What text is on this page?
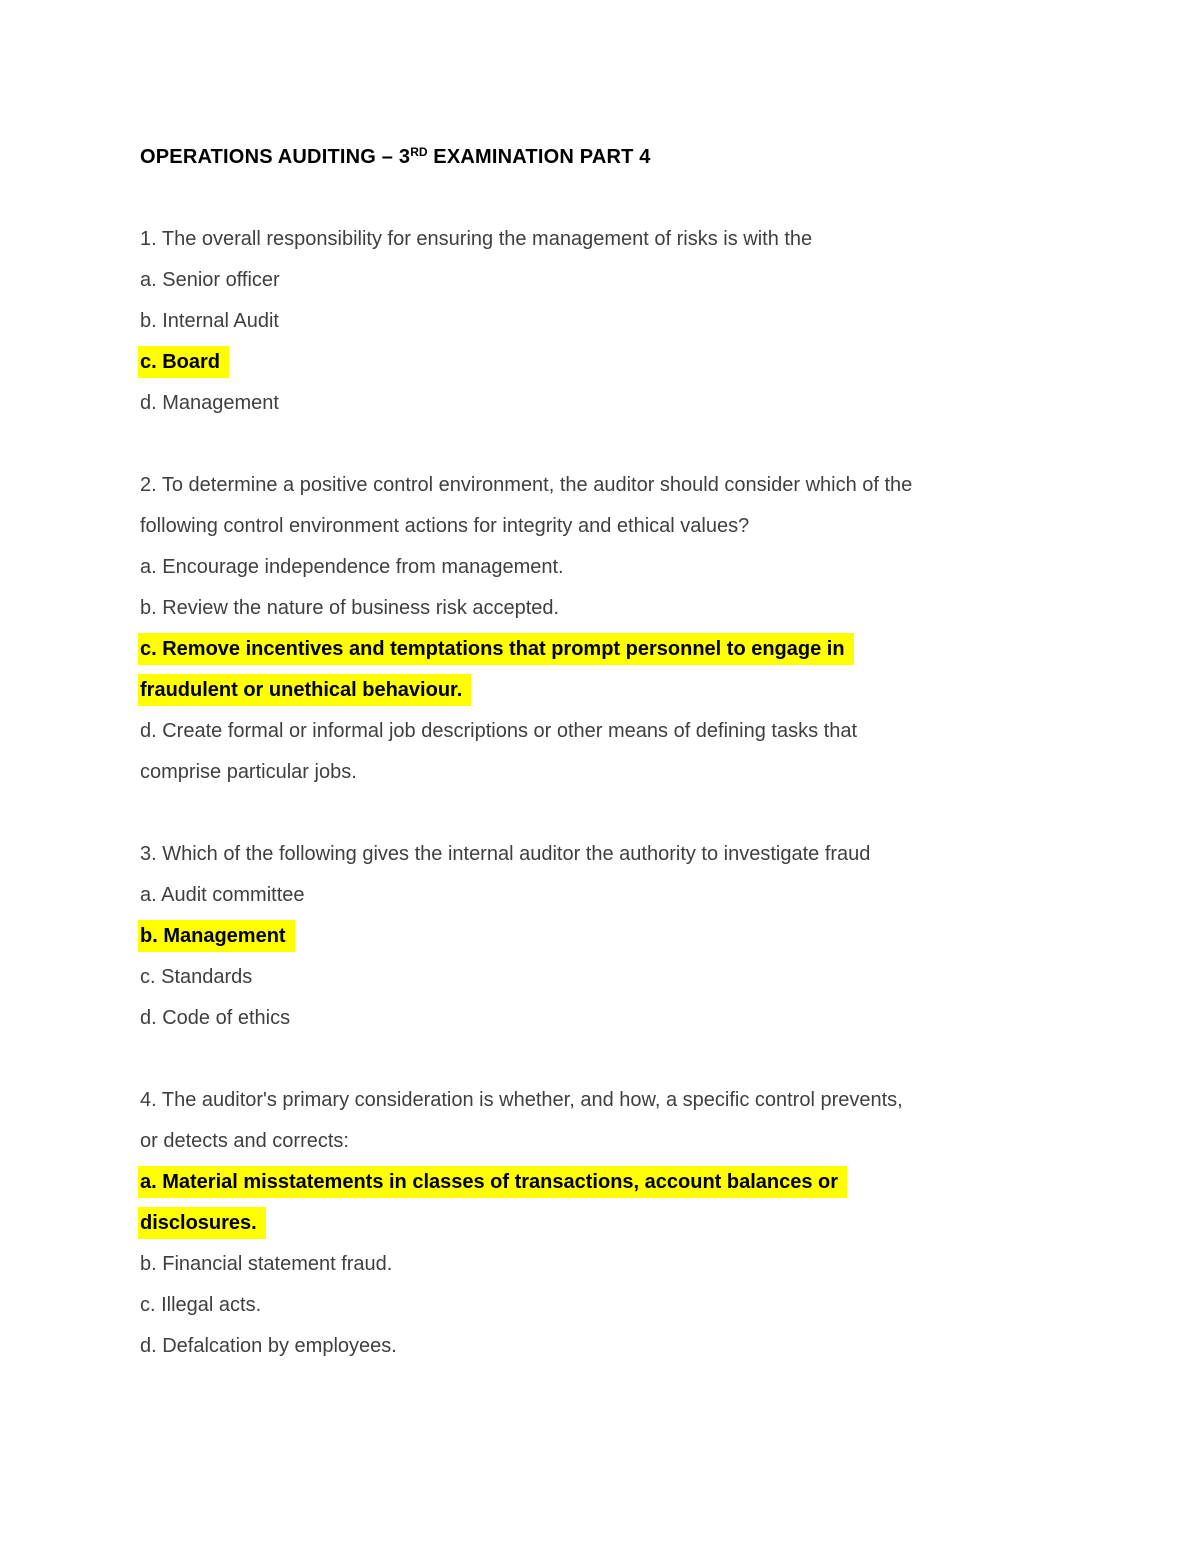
OPERATIONS AUDITING – 3RD EXAMINATION PART 4
1. The overall responsibility for ensuring the management of risks is with the
a. Senior officer
b. Internal Audit
c. Board
d. Management
2. To determine a positive control environment, the auditor should consider which of the
following control environment actions for integrity and ethical values?
a. Encourage independence from management.
b. Review the nature of business risk accepted.
c. Remove incentives and temptations that prompt personnel to engage in
fraudulent or unethical behaviour.
d. Create formal or informal job descriptions or other means of defining tasks that
comprise particular jobs.
3. Which of the following gives the internal auditor the authority to investigate fraud
a. Audit committee
b. Management
c. Standards
d. Code of ethics
4. The auditor's primary consideration is whether, and how, a specific control prevents,
or detects and corrects:
a. Material misstatements in classes of transactions, account balances or
disclosures.
b. Financial statement fraud.
c. Illegal acts.
d. Defalcation by employees.
